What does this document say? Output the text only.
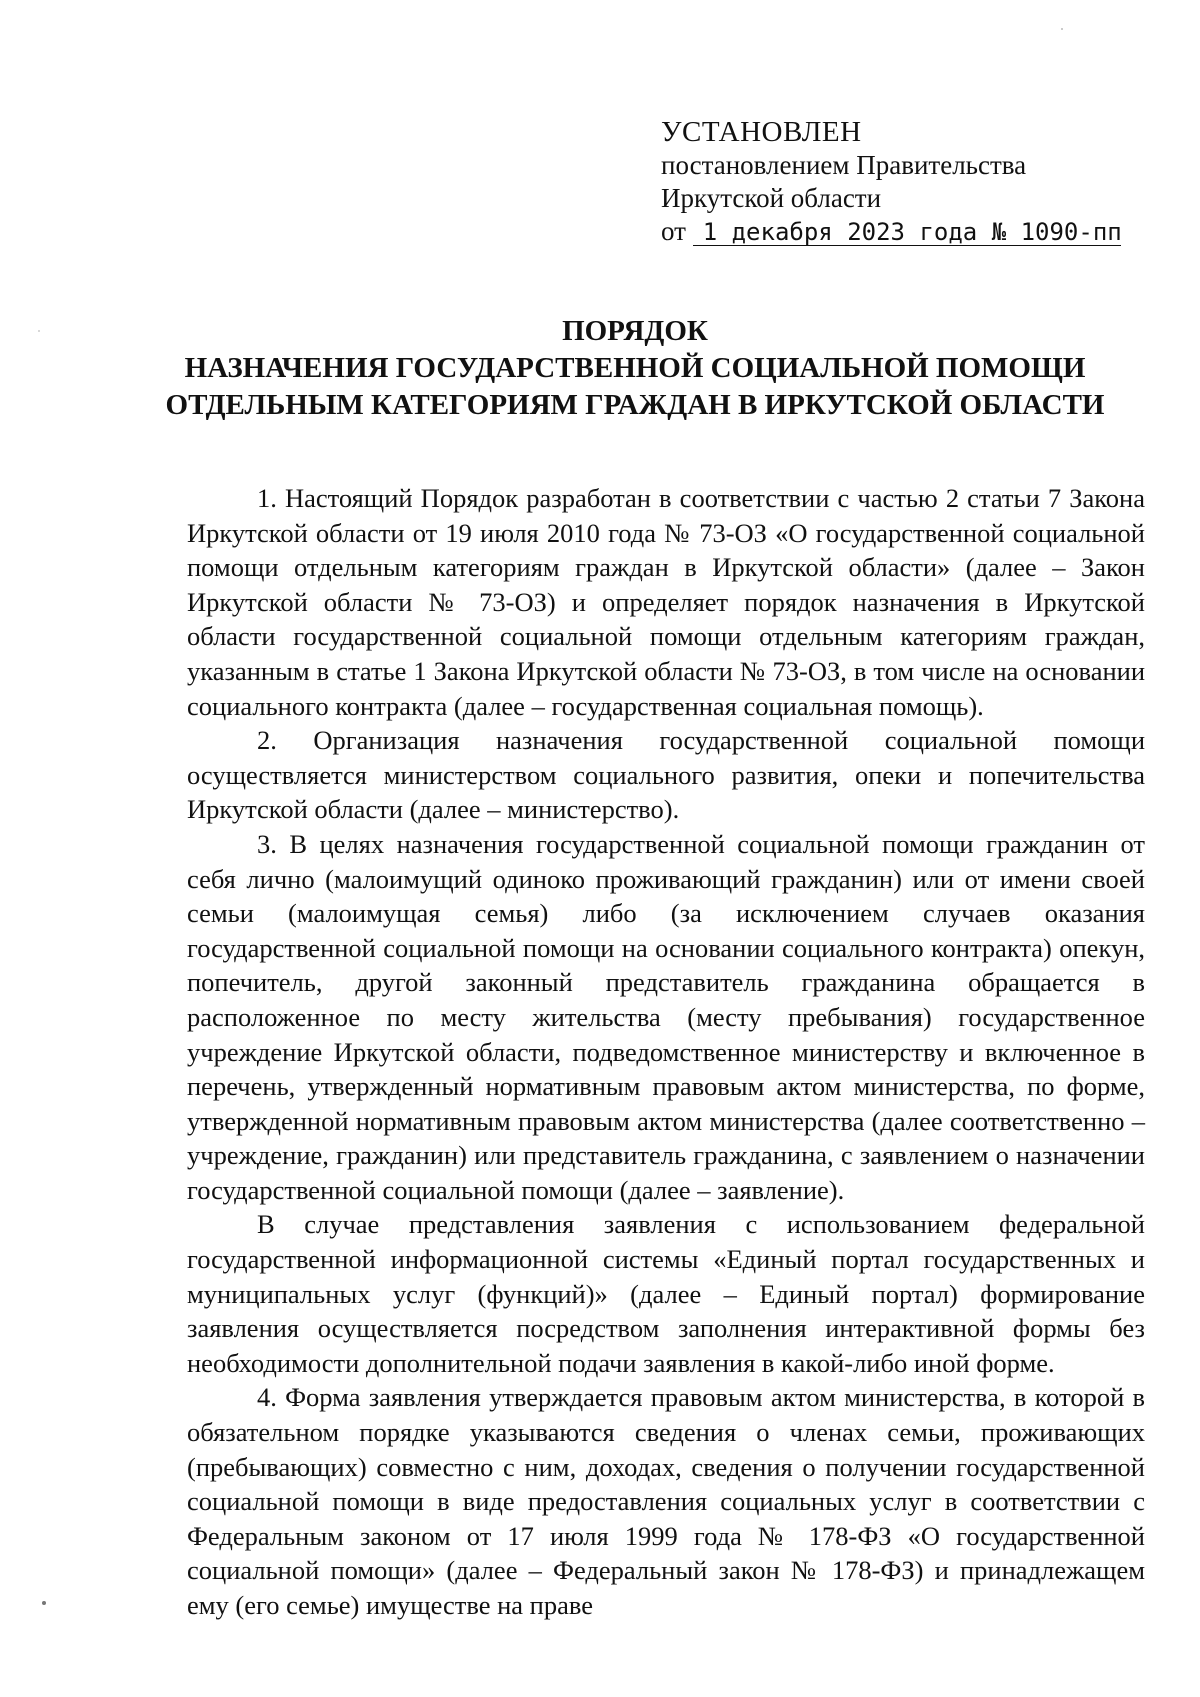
УСТАНОВЛЕН
постановлением Правительства
Иркутской области
от 1 декабря 2023 года № 1090-пп
ПОРЯДОК
НАЗНАЧЕНИЯ ГОСУДАРСТВЕННОЙ СОЦИАЛЬНОЙ ПОМОЩИ
ОТДЕЛЬНЫМ КАТЕГОРИЯМ ГРАЖДАН В ИРКУТСКОЙ ОБЛАСТИ

1. Настоящий Порядок разработан в соответствии с частью 2 статьи 7 Закона Иркутской области от 19 июля 2010 года № 73-ОЗ «О государственной социальной помощи отдельным категориям граждан в Иркутской области» (далее – Закон Иркутской области № 73-ОЗ) и определяет порядок назначения в Иркутской области государственной социальной помощи отдельным категориям граждан, указанным в статье 1 Закона Иркутской области № 73-ОЗ, в том числе на основании социального контракта (далее – государственная социальная помощь).

2. Организация назначения государственной социальной помощи осуществляется министерством социального развития, опеки и попечительства Иркутской области (далее – министерство).

3. В целях назначения государственной социальной помощи гражданин от себя лично (малоимущий одиноко проживающий гражданин) или от имени своей семьи (малоимущая семья) либо (за исключением случаев оказания государственной социальной помощи на основании социального контракта) опекун, попечитель, другой законный представитель гражданина обращается в расположенное по месту жительства (месту пребывания) государственное учреждение Иркутской области, подведомственное министерству и включенное в перечень, утвержденный нормативным правовым актом министерства, по форме, утвержденной нормативным правовым актом министерства (далее соответственно – учреждение, гражданин) или представитель гражданина, с заявлением о назначении государственной социальной помощи (далее – заявление).

В случае представления заявления с использованием федеральной государственной информационной системы «Единый портал государственных и муниципальных услуг (функций)» (далее – Единый портал) формирование заявления осуществляется посредством заполнения интерактивной формы без необходимости дополнительной подачи заявления в какой-либо иной форме.

4. Форма заявления утверждается правовым актом министерства, в которой в обязательном порядке указываются сведения о членах семьи, проживающих (пребывающих) совместно с ним, доходах, сведения о получении государственной социальной помощи в виде предоставления социальных услуг в соответствии с Федеральным законом от 17 июля 1999 года № 178-ФЗ «О государственной социальной помощи» (далее – Федеральный закон № 178-ФЗ) и принадлежащем ему (его семье) имуществе на праве
